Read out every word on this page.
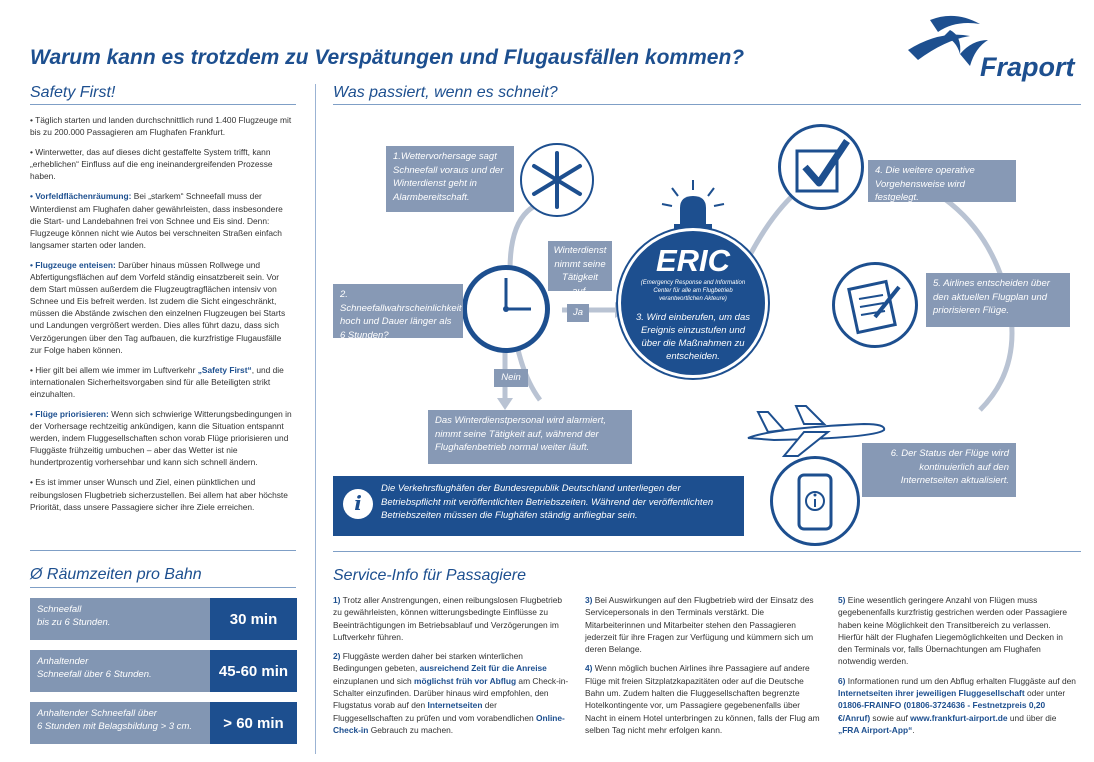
Warum kann es trotzdem zu Verspätungen und Flugausfällen kommen?	Fraport
Safety First!

• Täglich starten und landen durchschnittlich rund 1.400 Flugzeuge mit bis zu 200.000 Passagieren am Flughafen Frankfurt.

• Winterwetter, das auf dieses dicht gestaffelte System trifft, kann „erheblichen“ Einfluss auf die eng ineinandergreifenden Prozesse haben.

• Vorfeldflächenräumung: Bei „starkem“ Schneefall muss der Winterdienst am Flughafen daher gewährleisten, dass insbesondere die Start- und Landebahnen frei von Schnee und Eis sind. Denn: Flugzeuge können nicht wie Autos bei verschneiten Straßen einfach langsamer starten oder landen.

• Flugzeuge enteisen: Darüber hinaus müssen Rollwege und Abfertigungsflächen auf dem Vorfeld ständig einsatzbereit sein. Vor dem Start müssen außerdem die Flugzeugtragflächen intensiv von Schnee und Eis befreit werden. Ist zudem die Sicht eingeschränkt, müssen die Abstände zwischen den einzelnen Flugzeugen bei Starts und Landungen vergrößert werden. Dies alles führt dazu, dass sich Verzögerungen über den Tag aufbauen, die kurzfristige Flugausfälle zur Folge haben können.

• Hier gilt bei allem wie immer im Luftverkehr „Safety First“, und die internationalen Sicherheitsvorgaben sind für alle Beteiligten strikt einzuhalten.

• Flüge priorisieren: Wenn sich schwierige Witterungsbedingungen in der Vorhersage rechtzeitig ankündigen, kann die Situation entspannt werden, indem Fluggesellschaften schon vorab Flüge priorisieren und Fluggäste frühzeitig umbuchen – aber das Wetter ist nie hundertprozentig vorhersehbar und kann sich schnell ändern.

• Es ist immer unser Wunsch und Ziel, einen pünktlichen und reibungslosen Flugbetrieb sicherzustellen. Bei allem hat aber höchste Priorität, dass unsere Passagiere sicher ihre Ziele erreichen.

Ø Räumzeiten pro Bahn
Schneefall
bis zu 6 Stunden.	30 min
Anhaltender
Schneefall über 6 Stunden.	45-60 min
Anhaltender Schneefall über
6 Stunden mit Belagsbildung > 3 cm.	> 60 min
Was passiert, wenn es schneit?
1.Wettervorhersage sagt Schneefall voraus und der Winterdienst geht in Alarmbereitschaft.
2. Schneefallwahrscheinlichkeit hoch und Dauer länger als 6 Stunden?
Winterdienst nimmt seine Tätigkeit auf.
Ja
Nein
Das Winterdienstpersonal wird alarmiert, nimmt seine Tätigkeit auf, während der Flughafenbetrieb normal weiter läuft.
ERIC
(Emergency Response and Information Center für alle am Flugbetrieb verantwortlichen Akteure)
3. Wird einberufen, um das Ereignis einzustufen und über die Maßnahmen zu entscheiden.
4. Die weitere operative Vorgehensweise wird festgelegt.
5. Airlines entscheiden über den aktuellen Flugplan und priorisieren Flüge.
6. Der Status der Flüge wird kontinuierlich auf den Internetseiten aktualisiert.
i
Die Verkehrsflughäfen der Bundesrepublik Deutschland unterliegen der Betriebspflicht mit veröffentlichten Betriebszeiten. Während der veröffentlichten Betriebszeiten müssen die Flughäfen ständig anfliegbar sein.
Service-Info für Passagiere

1) Trotz aller Anstrengungen, einen reibungslosen Flugbetrieb zu gewährleisten, können witterungsbedingte Einflüsse zu Beeinträchtigungen im Betriebsablauf und Verzögerungen im Luftverkehr führen.

2) Fluggäste werden daher bei starken winterlichen Bedingungen gebeten, ausreichend Zeit für die Anreise einzuplanen und sich möglichst früh vor Abflug am Check-in-Schalter einzufinden. Darüber hinaus wird empfohlen, den Flugstatus vorab auf den Internetseiten der Fluggesellschaften zu prüfen und vom vorabendlichen Online-Check-in Gebrauch zu machen.

3) Bei Auswirkungen auf den Flugbetrieb wird der Einsatz des Servicepersonals in den Terminals verstärkt. Die Mitarbeiterinnen und Mitarbeiter stehen den Passagieren jederzeit für ihre Fragen zur Verfügung und kümmern sich um deren Belange.

4) Wenn möglich buchen Airlines ihre Passagiere auf andere Flüge mit freien Sitzplatzkapazitäten oder auf die Deutsche Bahn um. Zudem halten die Fluggesellschaften begrenzte Hotelkontingente vor, um Passagiere gegebenenfalls über Nacht in einem Hotel unterbringen zu können, falls der Flug am selben Tag nicht mehr erfolgen kann.

5) Eine wesentlich geringere Anzahl von Flügen muss gegebenenfalls kurzfristig gestrichen werden oder Passagiere haben keine Möglichkeit den Transitbereich zu verlassen. Hierfür hält der Flughafen Liegemöglichkeiten und Decken in den Terminals vor, falls Übernachtungen am Flughafen notwendig werden.

6) Informationen rund um den Abflug erhalten Fluggäste auf den Internetseiten ihrer jeweiligen Fluggesellschaft oder unter 01806-FRAINFO (01806-3724636 - Festnetzpreis 0,20 €/Anruf) sowie auf www.frankfurt-airport.de und über die „FRA Airport-App“.
